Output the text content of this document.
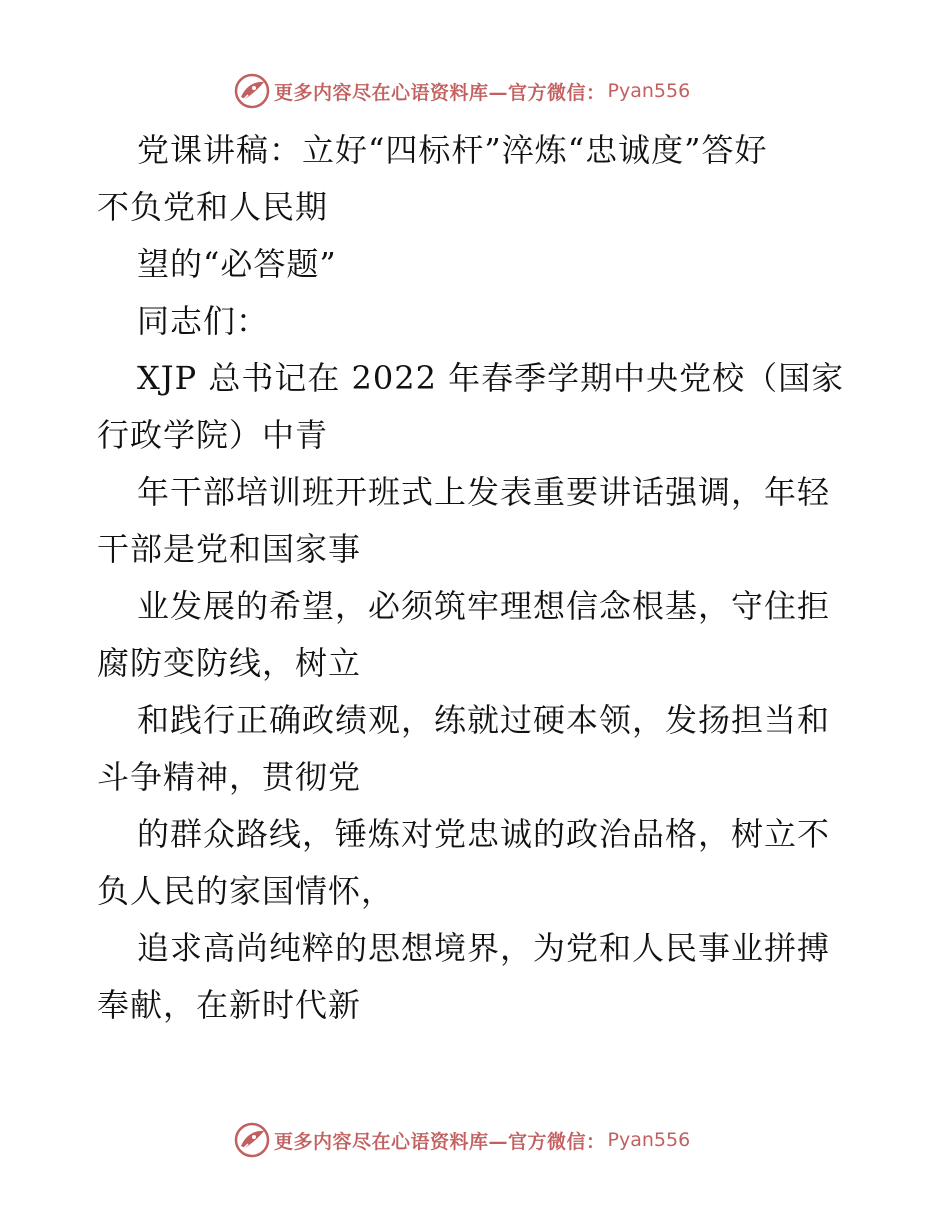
更多内容尽在心语资料库—官方微信： Pyan556
党课讲稿：立好“四标杆”淬炼“忠诚度”答好
不负党和人民期
望的“必答题”
同志们：
XJP 总书记在 2022 年春季学期中央党校（国家
行政学院）中青
年干部培训班开班式上发表重要讲话强调，年轻
干部是党和国家事
业发展的希望，必须筑牢理想信念根基，守住拒
腐防变防线，树立
和践行正确政绩观，练就过硬本领，发扬担当和
斗争精神，贯彻党
的群众路线，锤炼对党忠诚的政治品格，树立不
负人民的家国情怀，
追求高尚纯粹的思想境界，为党和人民事业拼搏
奉献，在新时代新
更多内容尽在心语资料库—官方微信： Pyan556
